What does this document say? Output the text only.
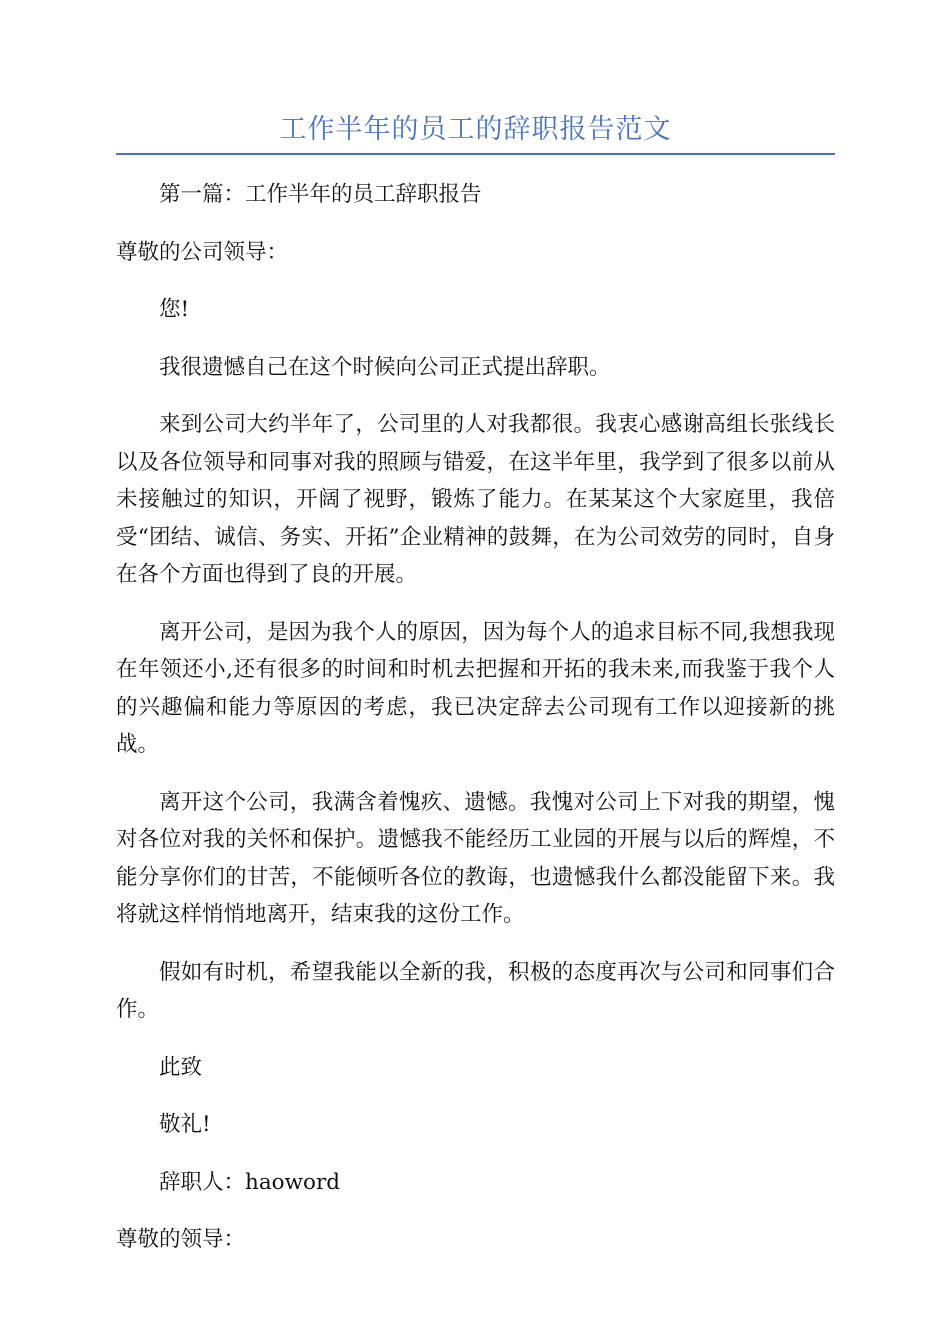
工作半年的员工的辞职报告范文

第一篇：工作半年的员工辞职报告

尊敬的公司领导：

您!

我很遗憾自己在这个时候向公司正式提出辞职。

来到公司大约半年了，公司里的人对我都很。我衷心感谢高组长张线长以及各位领导和同事对我的照顾与错爱，在这半年里，我学到了很多以前从未接触过的知识，开阔了视野，锻炼了能力。在某某这个大家庭里，我倍受“团结、诚信、务实、开拓”企业精神的鼓舞，在为公司效劳的同时，自身在各个方面也得到了良的开展。

离开公司，是因为我个人的原因，因为每个人的追求目标不同,我想我现在年领还小,还有很多的时间和时机去把握和开拓的我未来,而我鉴于我个人的兴趣偏和能力等原因的考虑，我已决定辞去公司现有工作以迎接新的挑战。

离开这个公司，我满含着愧疚、遗憾。我愧对公司上下对我的期望，愧对各位对我的关怀和保护。遗憾我不能经历工业园的开展与以后的辉煌，不能分享你们的甘苦，不能倾听各位的教诲，也遗憾我什么都没能留下来。我将就这样悄悄地离开，结束我的这份工作。

假如有时机，希望我能以全新的我，积极的态度再次与公司和同事们合作。

此致

敬礼!

辞职人：haoword

尊敬的领导：
